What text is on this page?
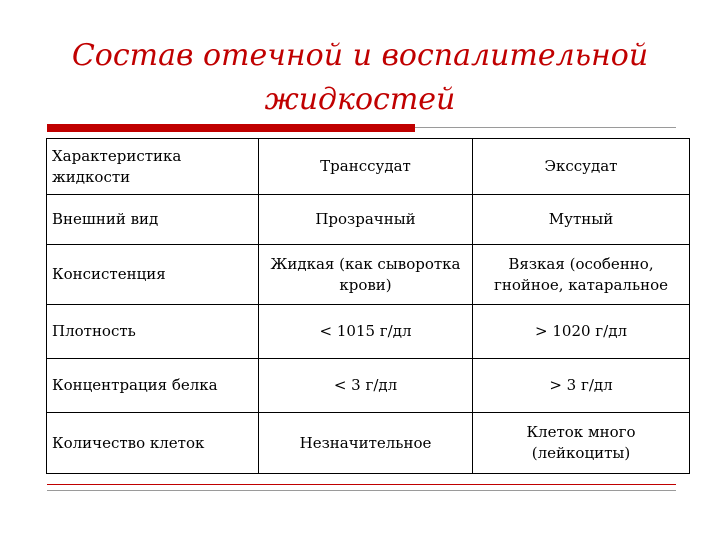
Состав отечной и воспалительной
жидкостей
Характеристика жидкости	Транссудат	Экссудат
Внешний вид	Прозрачный	Мутный
Консистенция	Жидкая (как сыворотка крови)	Вязкая (особенно, гнойное, катаральное
Плотность	< 1015 г/дл	> 1020 г/дл
Концентрация белка	< 3 г/дл	> 3 г/дл
Количество клеток	Незначительное	Клеток много (лейкоциты)
